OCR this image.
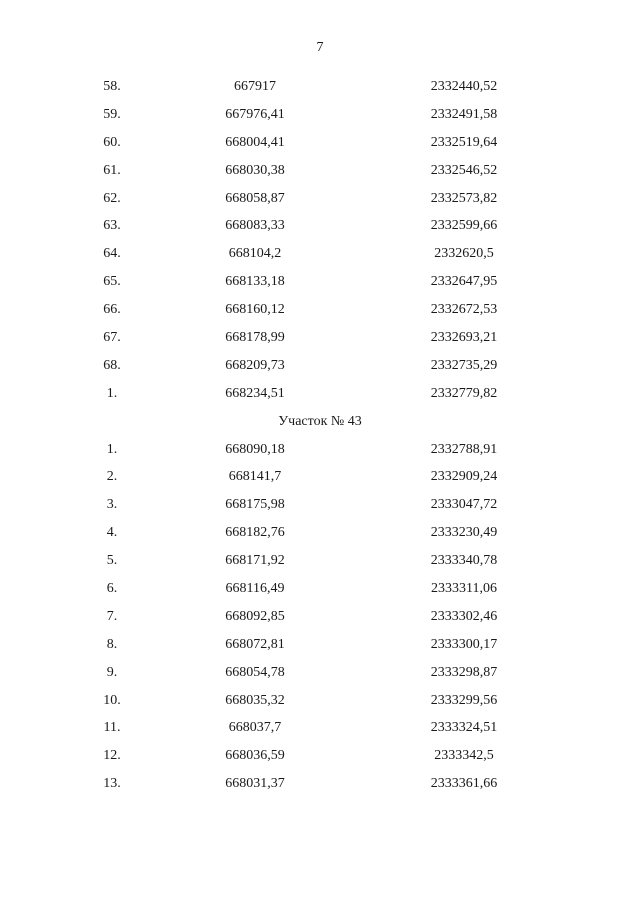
7
58.	667917	2332440,52
59.	667976,41	2332491,58
60.	668004,41	2332519,64
61.	668030,38	2332546,52
62.	668058,87	2332573,82
63.	668083,33	2332599,66
64.	668104,2	2332620,5
65.	668133,18	2332647,95
66.	668160,12	2332672,53
67.	668178,99	2332693,21
68.	668209,73	2332735,29
1.	668234,51	2332779,82
Участок № 43
1.	668090,18	2332788,91
2.	668141,7	2332909,24
3.	668175,98	2333047,72
4.	668182,76	2333230,49
5.	668171,92	2333340,78
6.	668116,49	2333311,06
7.	668092,85	2333302,46
8.	668072,81	2333300,17
9.	668054,78	2333298,87
10.	668035,32	2333299,56
11.	668037,7	2333324,51
12.	668036,59	2333342,5
13.	668031,37	2333361,66
